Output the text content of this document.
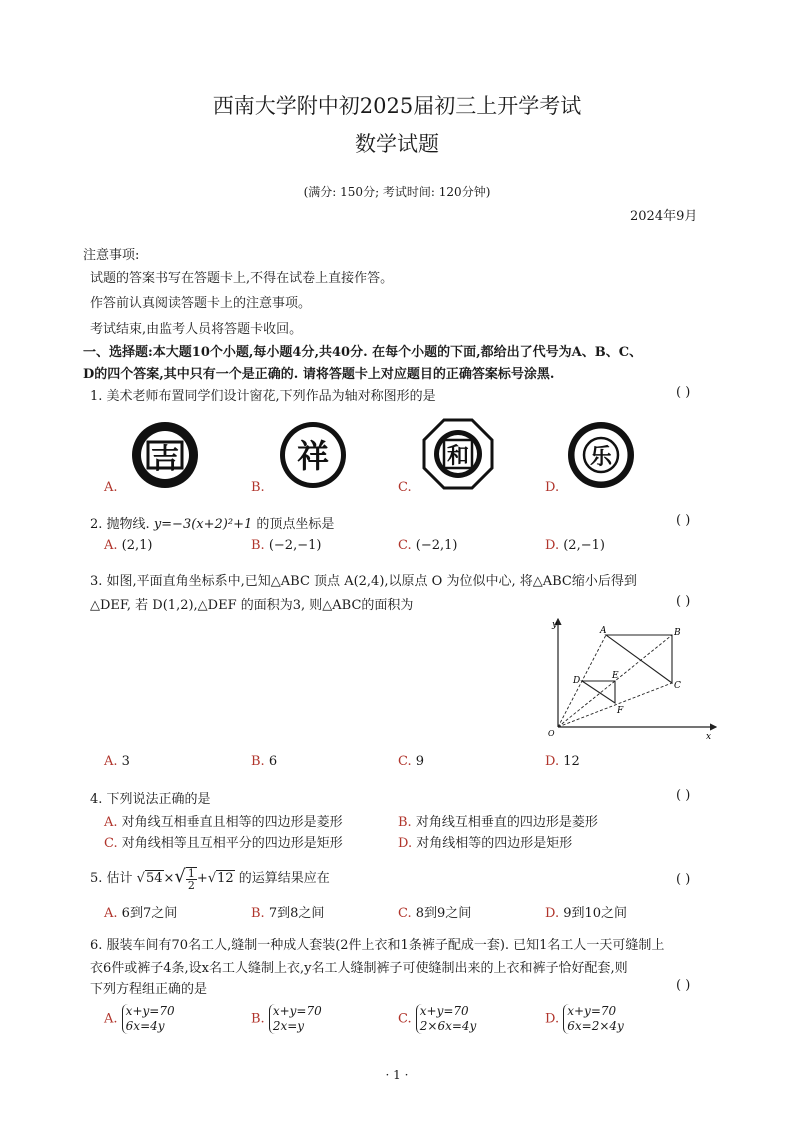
西南大学附中初2025届初三上开学考试
数学试题
(满分: 150分; 考试时间: 120分钟)
2024年9月
注意事项:
试题的答案书写在答题卡上,不得在试卷上直接作答。
作答前认真阅读答题卡上的注意事项。
考试结束,由监考人员将答题卡收回。
一、选择题:本大题10个小题,每小题4分,共40分. 在每个小题的下面,都给出了代号为A、B、C、
D的四个答案,其中只有一个是正确的. 请将答题卡上对应题目的正确答案标号涂黑.
1. 美术老师布置同学们设计窗花,下列作品为轴对称图形的是	( )
吉	祥	和	乐
A.	B.	C.	D.
2. 抛物线. y=−3(x+2)²+1 的顶点坐标是	( )
A. (2,1)	B. (−2,−1)	C. (−2,1)	D. (2,−1)
3. 如图,平面直角坐标系中,已知△ABC 顶点 A(2,4),以原点 O 为位似中心, 将△ABC缩小后得到
△DEF, 若 D(1,2),△DEF 的面积为3, 则△ABC的面积为	( )
y
x
O
A	B
C
D	E
F
A. 3	B. 6	C. 9	D. 12
4. 下列说法正确的是	( )
A. 对角线互相垂直且相等的四边形是菱形	B. 对角线互相垂直的四边形是菱形
C. 对角线相等且互相平分的四边形是矩形	D. 对角线相等的四边形是矩形
5. 估计 $√54\times√ \frac{1}{2} +√12$ 的运算结果应在	( )
A. 6到7之间	B. 7到8之间	C. 8到9之间	D. 9到10之间
6. 服装车间有70名工人,缝制一种成人套装(2件上衣和1条裤子配成一套). 已知1名工人一天可缝制上
衣6件或裤子4条,设x名工人缝制上衣,y名工人缝制裤子可使缝制出来的上衣和裤子恰好配套,则
下列方程组正确的是	( )
A. x+y=70
6x=4y	B. x+y=70
2x=y	C. x+y=70
2×6x=4y	D. x+y=70
6x=2×4y
· 1 ·
